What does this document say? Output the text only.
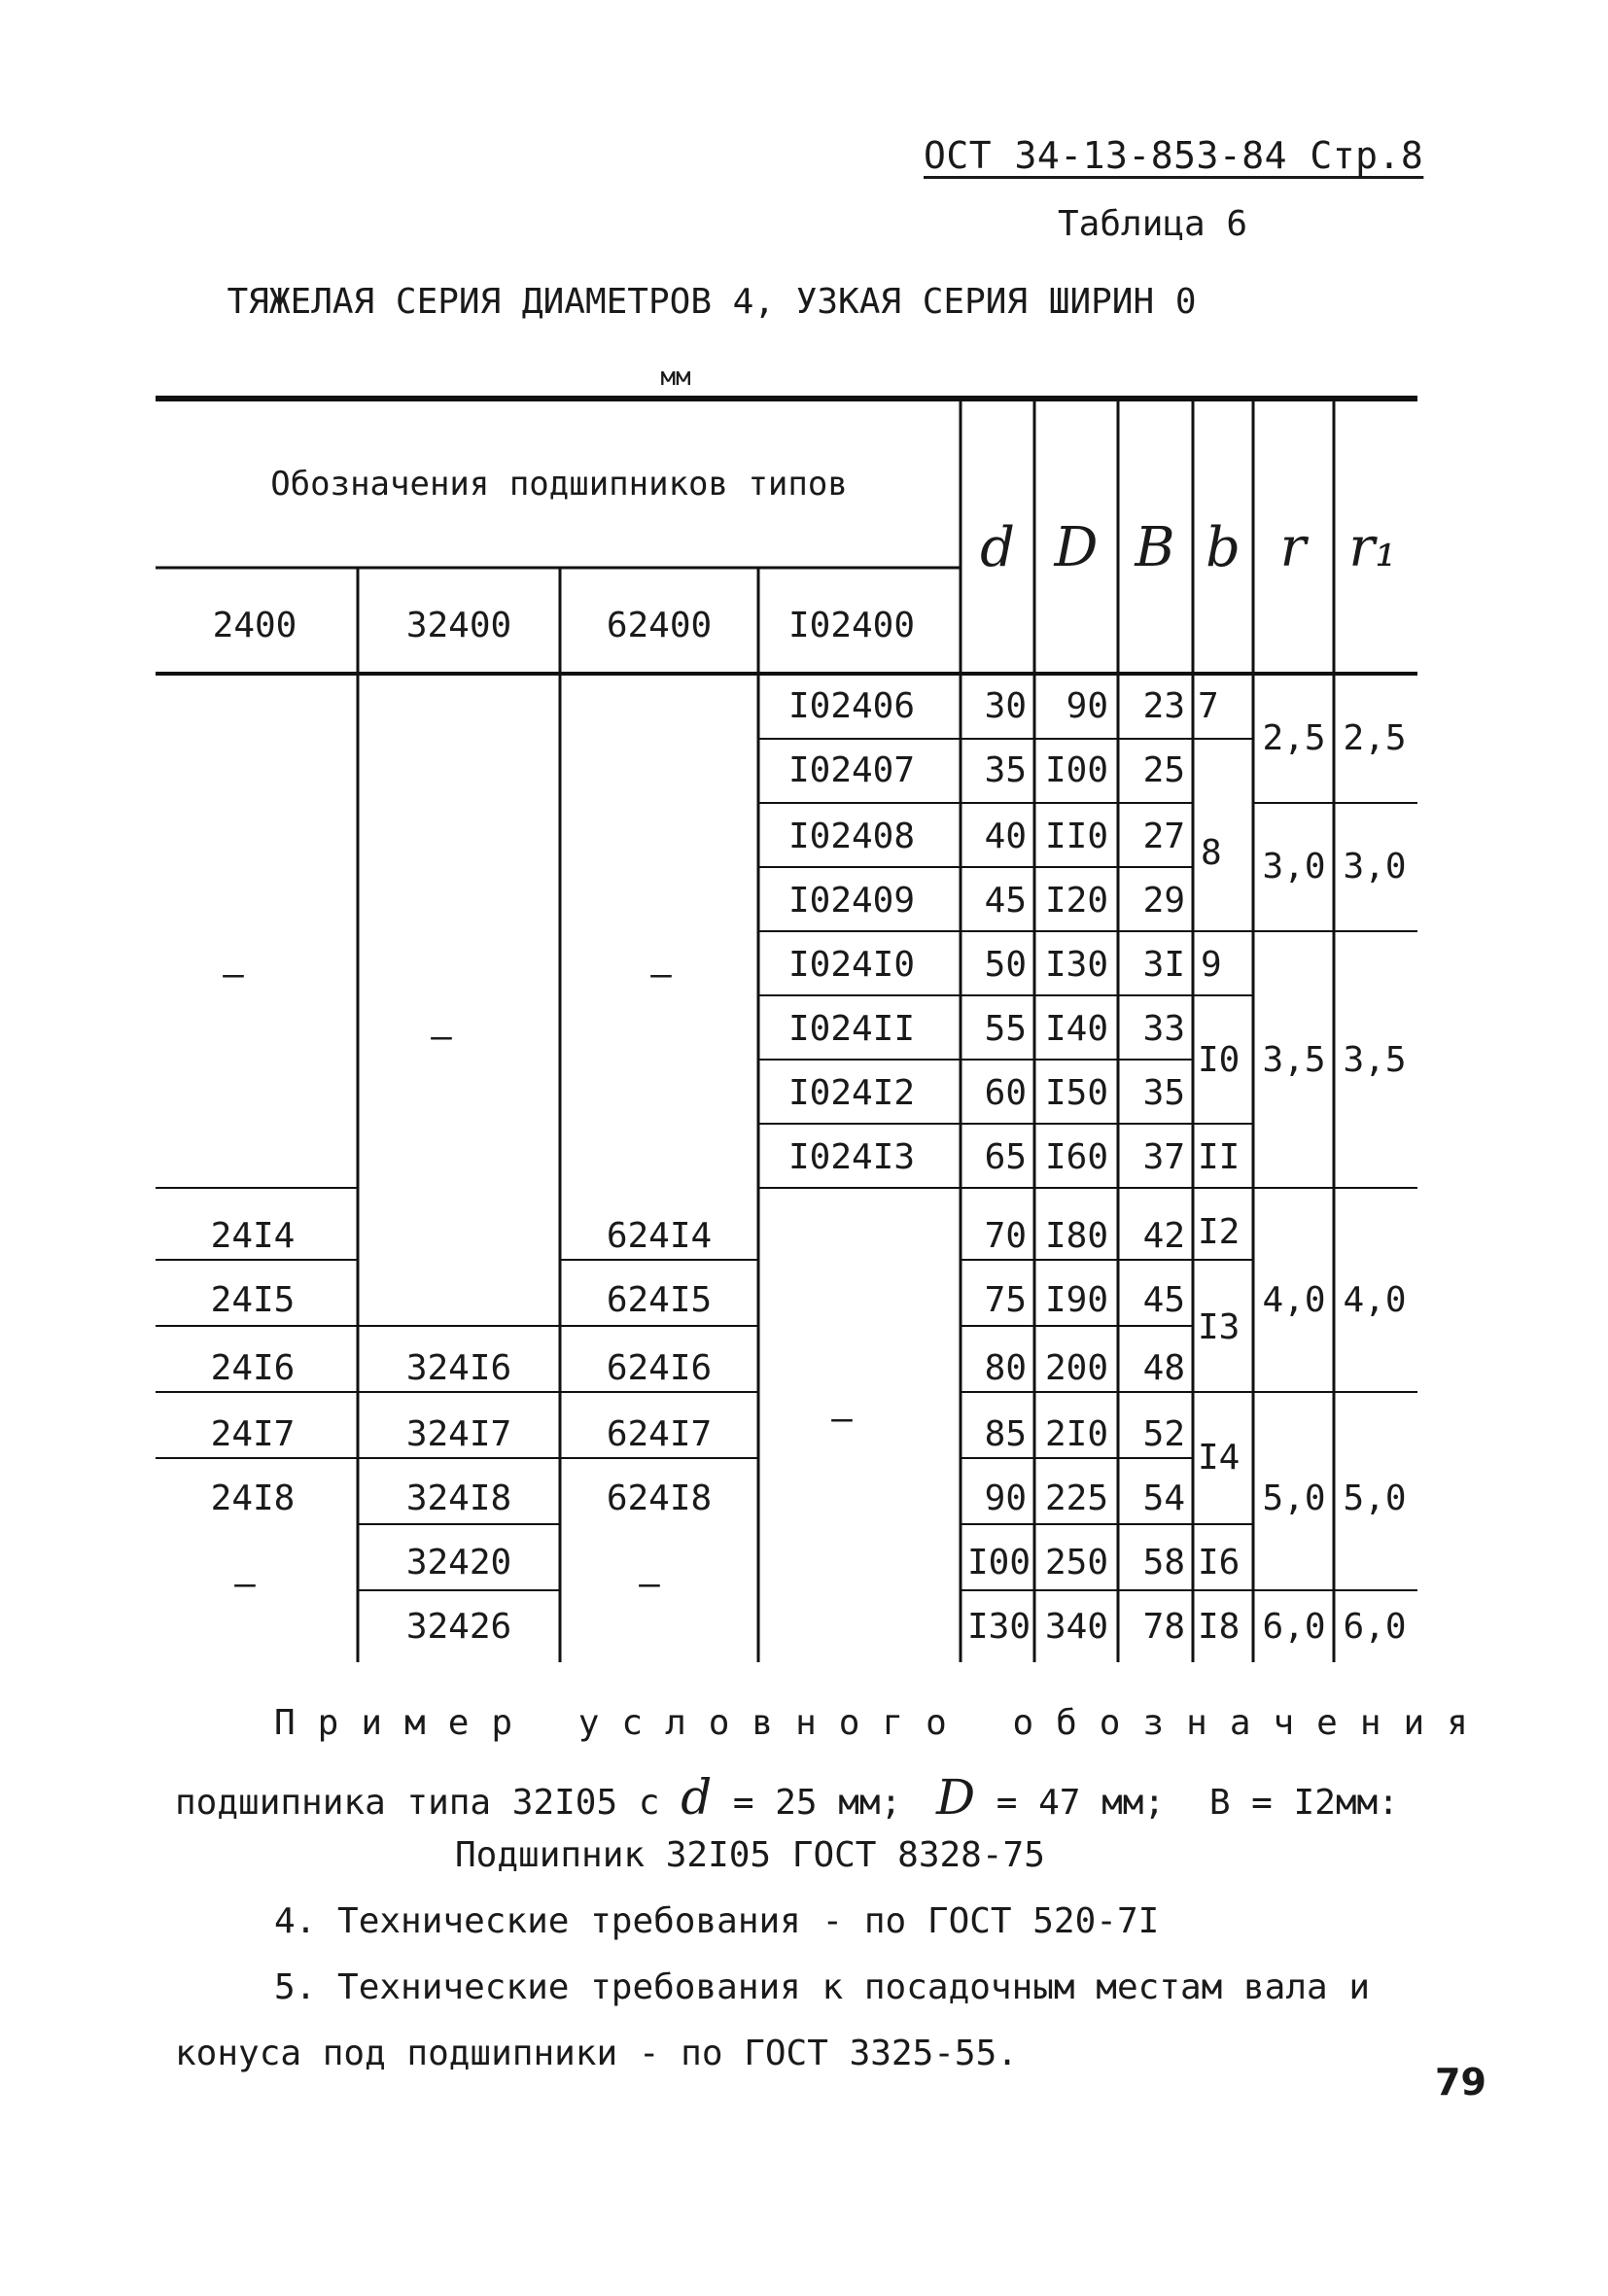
ОСТ 34-13-853-84 Стр.8
Таблица 6
ТЯЖЕЛАЯ СЕРИЯ ДИАМЕТРОВ 4, УЗКАЯ СЕРИЯ ШИРИН 0
мм
Обозначения подшипников типов
2400	32400	62400 I02400
d D B b r r₁
–
24I4
24I5
24I6
24I7
24I8
–
–
324I6
324I7
324I8
32420
32426
–
624I4
624I5
624I6
624I7
624I8
–
I02406
I02407
I02408
I02409
I024I0
I024II
I024I2
I024I3
–
30
35
40
45
50
55
60
65
70
75
80
85
90
I00
I30
90
I00
II0
I20
I30
I40
I50
I60
I80
I90
200
2I0
225
250
340
23
25
27
29
3I
33
35
37
42
45
48
52
54
58
78
7
8
9
I0
II
I2
I3
I4
I6
I8
2,5
3,0
3,5
4,0
5,0
6,0
2,5
3,0
3,5
4,0
5,0
6,0
Пример условного обозначения
подшипника типа 32I05 с d = 25 мм; D = 47 мм; B = I2мм:
Подшипник 32I05 ГОСТ 8328-75
4. Технические требования - по ГОСТ 520-7I
5. Технические требования к посадочным местам вала и
конуса под подшипники - по ГОСТ 3325-55.
79
